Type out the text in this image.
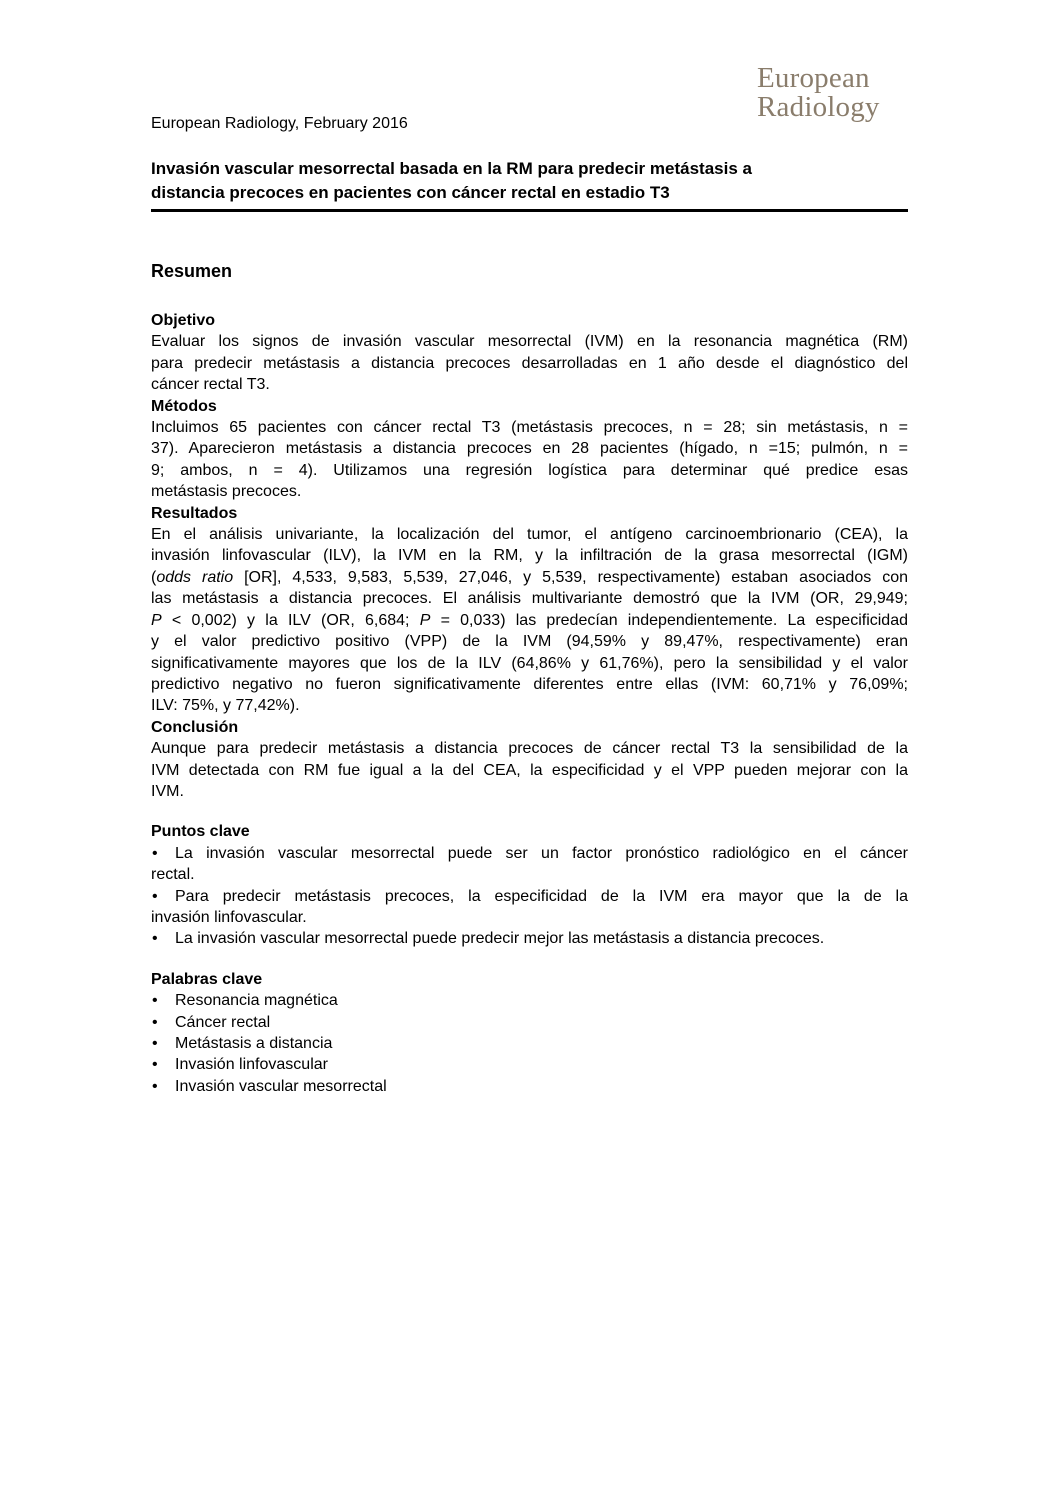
European
Radiology
European Radiology, February 2016
Invasión vascular mesorrectal basada en la RM para predecir metástasis a
distancia precoces en pacientes con cáncer rectal en estadio T3
Resumen
Objetivo

Evaluar los signos de invasión vascular mesorrectal (IVM) en la resonancia magnética (RM)
para predecir metástasis a distancia precoces desarrolladas en 1 año desde el diagnóstico del
cáncer rectal T3.

Métodos

Incluimos 65 pacientes con cáncer rectal T3 (metástasis precoces, n = 28; sin metástasis, n =
37). Aparecieron metástasis a distancia precoces en 28 pacientes (hígado, n =15; pulmón, n =
9; ambos, n = 4). Utilizamos una regresión logística para determinar qué predice esas
metástasis precoces.

Resultados

En el análisis univariante, la localización del tumor, el antígeno carcinoembrionario (CEA), la
invasión linfovascular (ILV), la IVM en la RM, y la infiltración de la grasa mesorrectal (IGM)
(odds ratio [OR], 4,533, 9,583, 5,539, 27,046, y 5,539, respectivamente) estaban asociados con
las metástasis a distancia precoces. El análisis multivariante demostró que la IVM (OR, 29,949;
P < 0,002) y la ILV (OR, 6,684; P = 0,033) las predecían independientemente. La especificidad
y el valor predictivo positivo (VPP) de la IVM (94,59% y 89,47%, respectivamente) eran
significativamente mayores que los de la ILV (64,86% y 61,76%), pero la sensibilidad y el valor
predictivo negativo no fueron significativamente diferentes entre ellas (IVM: 60,71% y 76,09%;
ILV: 75%, y 77,42%).

Conclusión

Aunque para predecir metástasis a distancia precoces de cáncer rectal T3 la sensibilidad de la
IVM detectada con RM fue igual a la del CEA, la especificidad y el VPP pueden mejorar con la
IVM.

Puntos clave
• La invasión vascular mesorrectal puede ser un factor pronóstico radiológico en el cáncer
rectal.
• Para predecir metástasis precoces, la especificidad de la IVM era mayor que la de la
invasión linfovascular.
• La invasión vascular mesorrectal puede predecir mejor las metástasis a distancia precoces.
Palabras clave
• Resonancia magnética
• Cáncer rectal
• Metástasis a distancia
• Invasión linfovascular
• Invasión vascular mesorrectal
